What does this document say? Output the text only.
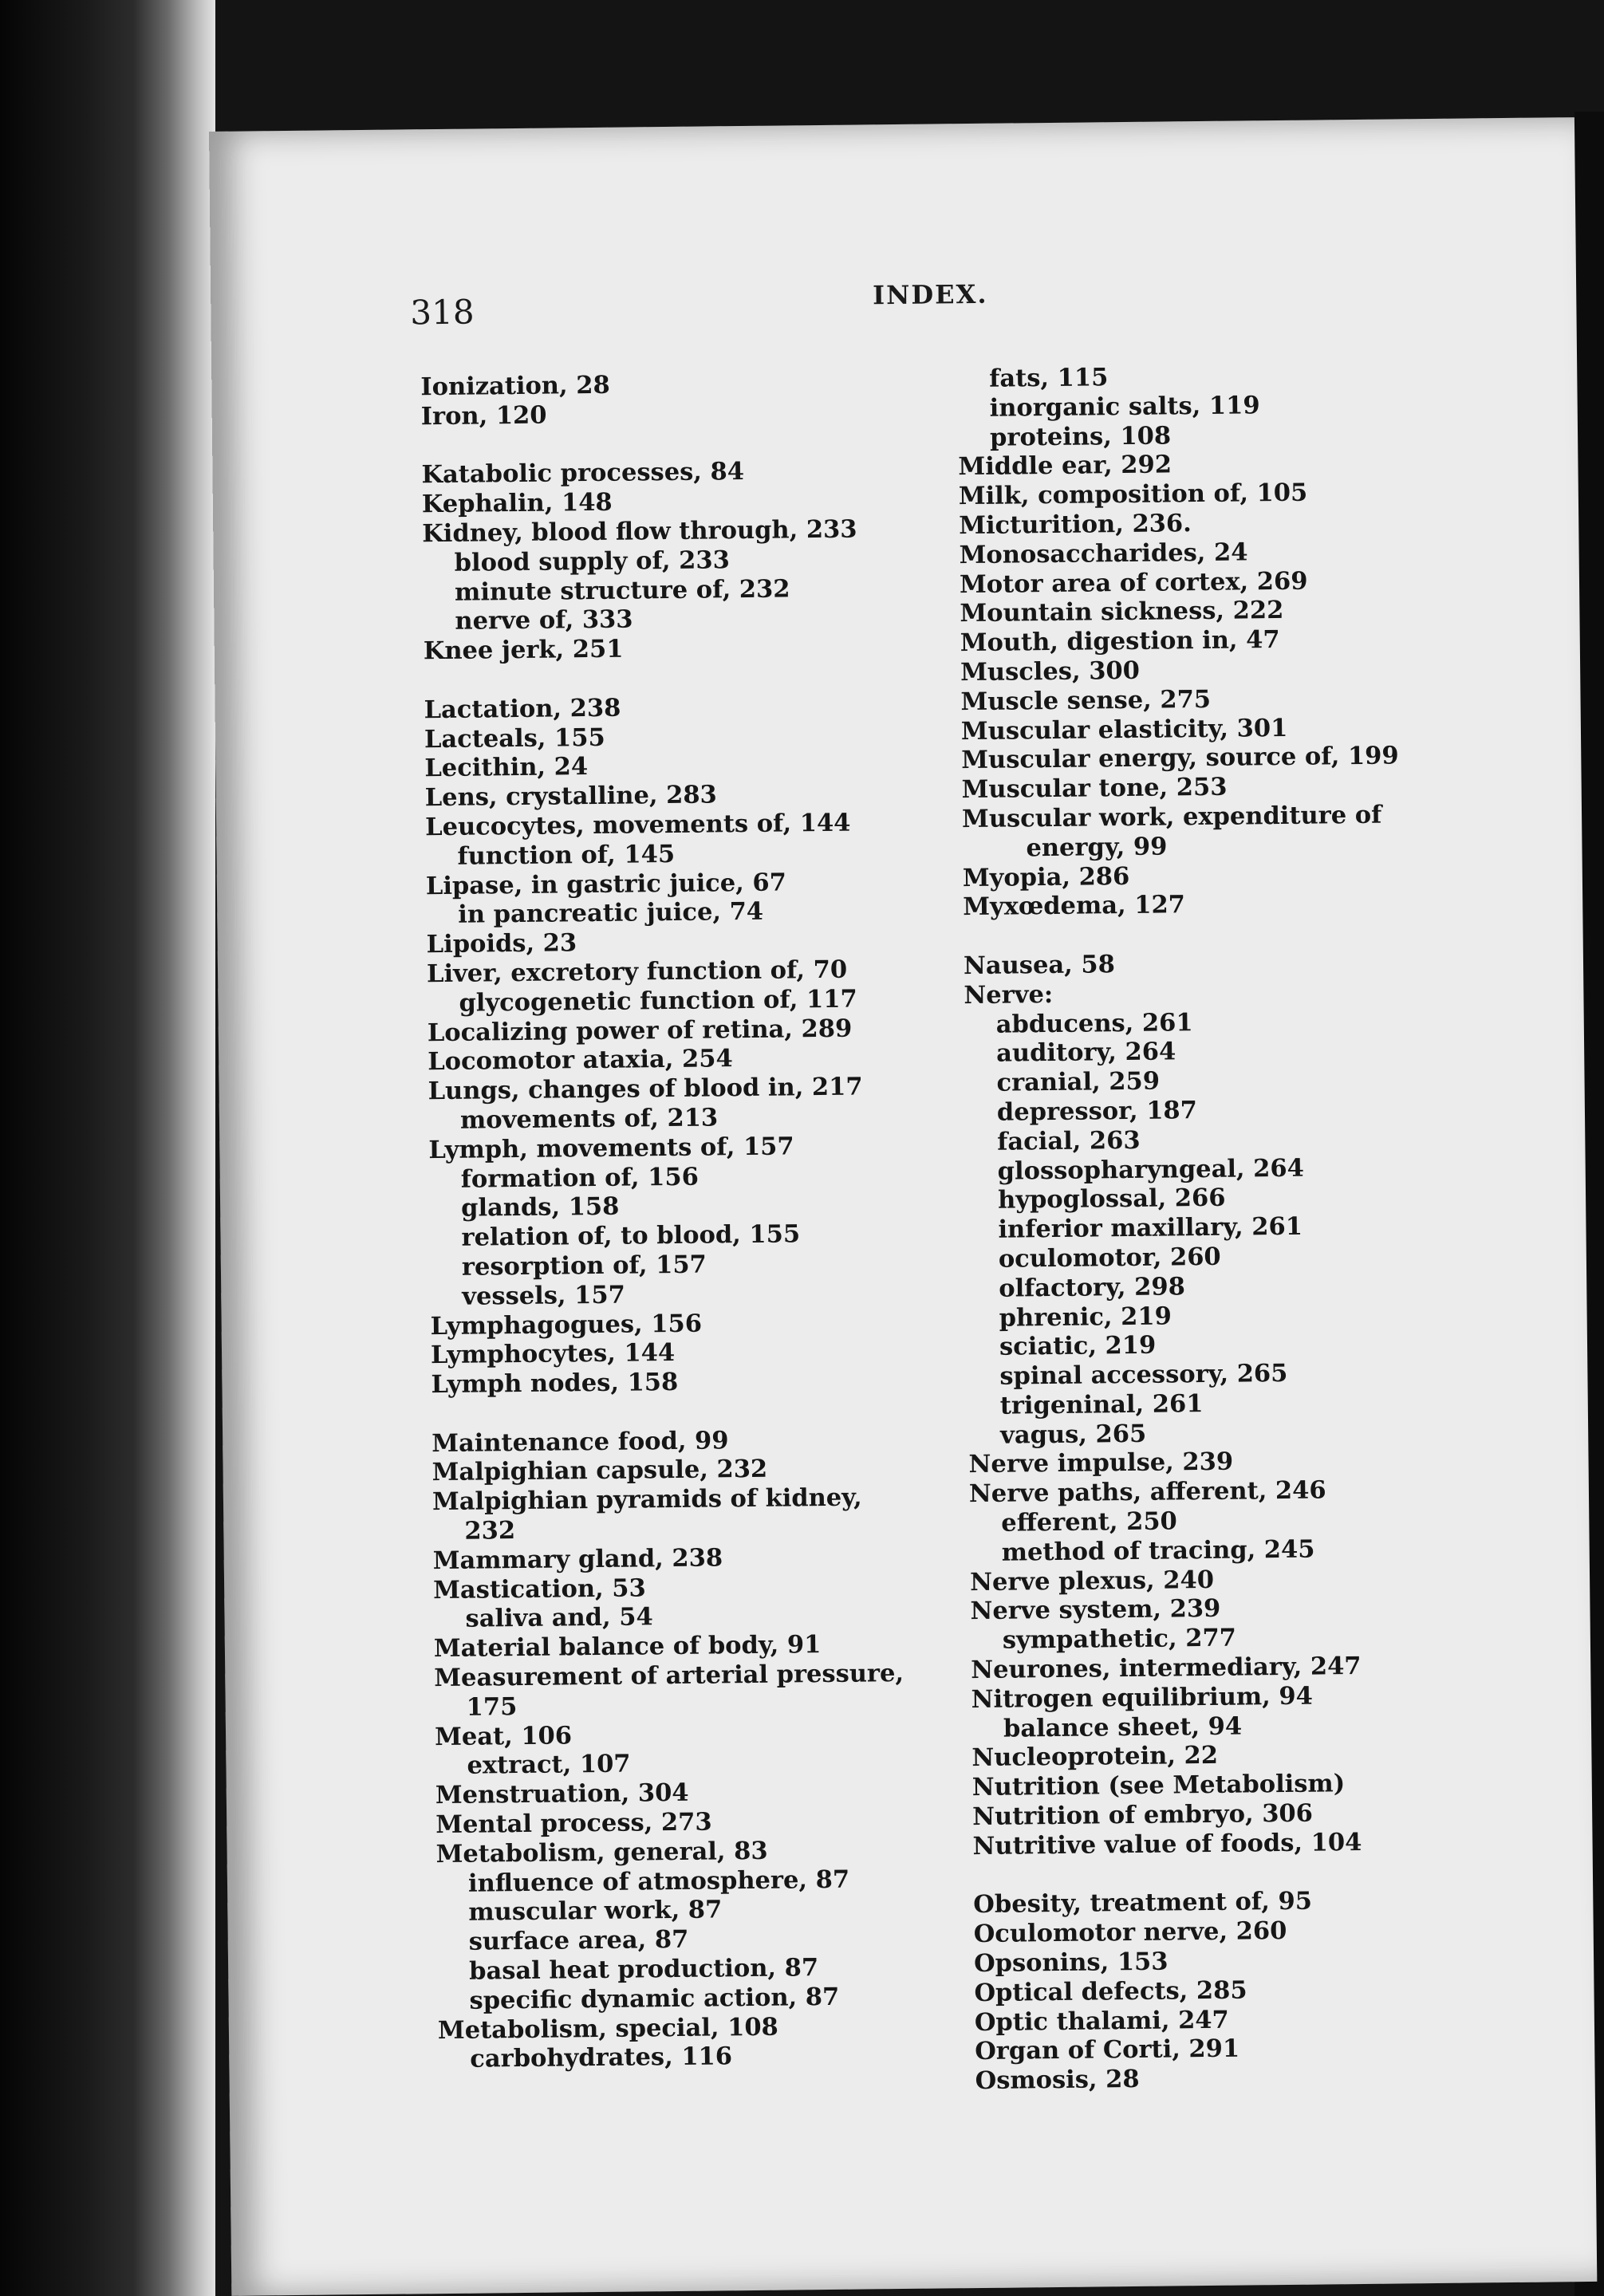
318	INDEX.
Ionization, 28
Iron, 120
Katabolic processes, 84
Kephalin, 148
Kidney, blood flow through, 233
blood supply of, 233
minute structure of, 232
nerve of, 333
Knee jerk, 251
Lactation, 238
Lacteals, 155
Lecithin, 24
Lens, crystalline, 283
Leucocytes, movements of, 144
function of, 145
Lipase, in gastric juice, 67
in pancreatic juice, 74
Lipoids, 23
Liver, excretory function of, 70
glycogenetic function of, 117
Localizing power of retina, 289
Locomotor ataxia, 254
Lungs, changes of blood in, 217
movements of, 213
Lymph, movements of, 157
formation of, 156
glands, 158
relation of, to blood, 155
resorption of, 157
vessels, 157
Lymphagogues, 156
Lymphocytes, 144
Lymph nodes, 158
Maintenance food, 99
Malpighian capsule, 232
Malpighian pyramids of kidney,
232
Mammary gland, 238
Mastication, 53
saliva and, 54
Material balance of body, 91
Measurement of arterial pressure,
175
Meat, 106
extract, 107
Menstruation, 304
Mental process, 273
Metabolism, general, 83
influence of atmosphere, 87
muscular work, 87
surface area, 87
basal heat production, 87
specific dynamic action, 87
Metabolism, special, 108
carbohydrates, 116
fats, 115
inorganic salts, 119
proteins, 108
Middle ear, 292
Milk, composition of, 105
Micturition, 236.
Monosaccharides, 24
Motor area of cortex, 269
Mountain sickness, 222
Mouth, digestion in, 47
Muscles, 300
Muscle sense, 275
Muscular elasticity, 301
Muscular energy, source of, 199
Muscular tone, 253
Muscular work, expenditure of
energy, 99
Myopia, 286
Myxœdema, 127
Nausea, 58
Nerve:
abducens, 261
auditory, 264
cranial, 259
depressor, 187
facial, 263
glossopharyngeal, 264
hypoglossal, 266
inferior maxillary, 261
oculomotor, 260
olfactory, 298
phrenic, 219
sciatic, 219
spinal accessory, 265
trigeninal, 261
vagus, 265
Nerve impulse, 239
Nerve paths, afferent, 246
efferent, 250
method of tracing, 245
Nerve plexus, 240
Nerve system, 239
sympathetic, 277
Neurones, intermediary, 247
Nitrogen equilibrium, 94
balance sheet, 94
Nucleoprotein, 22
Nutrition (see Metabolism)
Nutrition of embryo, 306
Nutritive value of foods, 104
Obesity, treatment of, 95
Oculomotor nerve, 260
Opsonins, 153
Optical defects, 285
Optic thalami, 247
Organ of Corti, 291
Osmosis, 28
